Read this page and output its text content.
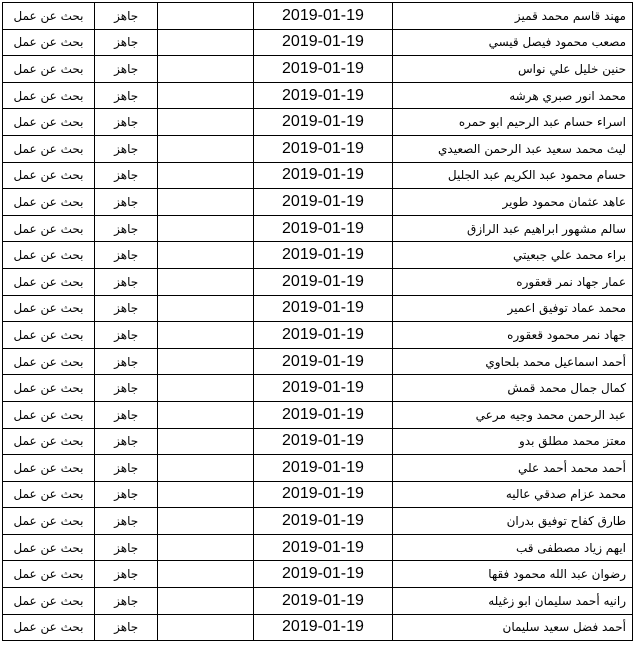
مهند قاسم محمد قميز	2019-01-19		جاهز	بحث عن عمل
مصعب محمود فيصل قيسي	2019-01-19		جاهز	بحث عن عمل
حنين خليل علي نواس	2019-01-19		جاهز	بحث عن عمل
محمد انور صبري هرشه	2019-01-19		جاهز	بحث عن عمل
اسراء حسام عبد الرحيم ابو حمره	2019-01-19		جاهز	بحث عن عمل
ليث محمد سعيد عبد الرحمن الصعيدي	2019-01-19		جاهز	بحث عن عمل
حسام محمود عبد الكريم عبد الجليل	2019-01-19		جاهز	بحث عن عمل
عاهد عثمان محمود طوير	2019-01-19		جاهز	بحث عن عمل
سالم مشهور ابراهيم عبد الرازق	2019-01-19		جاهز	بحث عن عمل
براء محمد علي جبعيتي	2019-01-19		جاهز	بحث عن عمل
عمار جهاد نمر قعقوره	2019-01-19		جاهز	بحث عن عمل
محمد عماد توفيق اعمير	2019-01-19		جاهز	بحث عن عمل
جهاد نمر محمود قعقوره	2019-01-19		جاهز	بحث عن عمل
أحمد اسماعيل محمد بلحاوي	2019-01-19		جاهز	بحث عن عمل
كمال جمال محمد قمش	2019-01-19		جاهز	بحث عن عمل
عبد الرحمن محمد وجيه مرعي	2019-01-19		جاهز	بحث عن عمل
معتز محمد مطلق بدو	2019-01-19		جاهز	بحث عن عمل
أحمد محمد أحمد علي	2019-01-19		جاهز	بحث عن عمل
محمد عزام صدقي عاليه	2019-01-19		جاهز	بحث عن عمل
طارق كفاح توفيق بدران	2019-01-19		جاهز	بحث عن عمل
ايهم زياد مصطفى قب	2019-01-19		جاهز	بحث عن عمل
رضوان عبد الله محمود فقها	2019-01-19		جاهز	بحث عن عمل
رانيه أحمد سليمان ابو زغيله	2019-01-19		جاهز	بحث عن عمل
أحمد فضل سعيد سليمان	2019-01-19		جاهز	بحث عن عمل
